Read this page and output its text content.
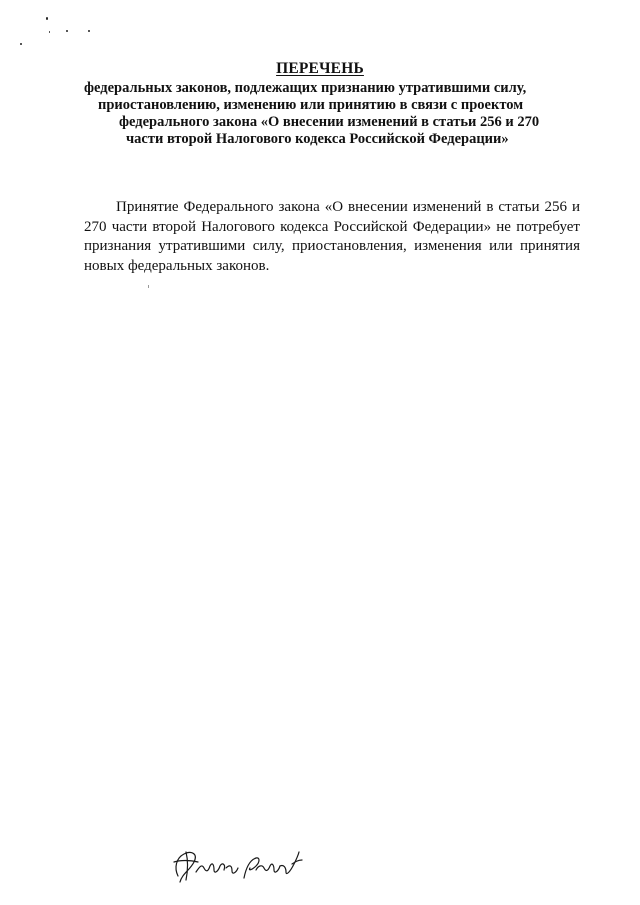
ПЕРЕЧЕНЬ
федеральных законов, подлежащих признанию утратившими силу,
приостановлению, изменению или принятию в связи с проектом
федерального закона «О внесении изменений в статьи 256 и 270
части второй Налогового кодекса Российской Федерации»

Принятие Федерального закона «О внесении изменений в статьи 256 и 270 части второй Налогового кодекса Российской Федерации» не потребует признания утратившими силу, приостановления, изменения или принятия новых федеральных законов.
